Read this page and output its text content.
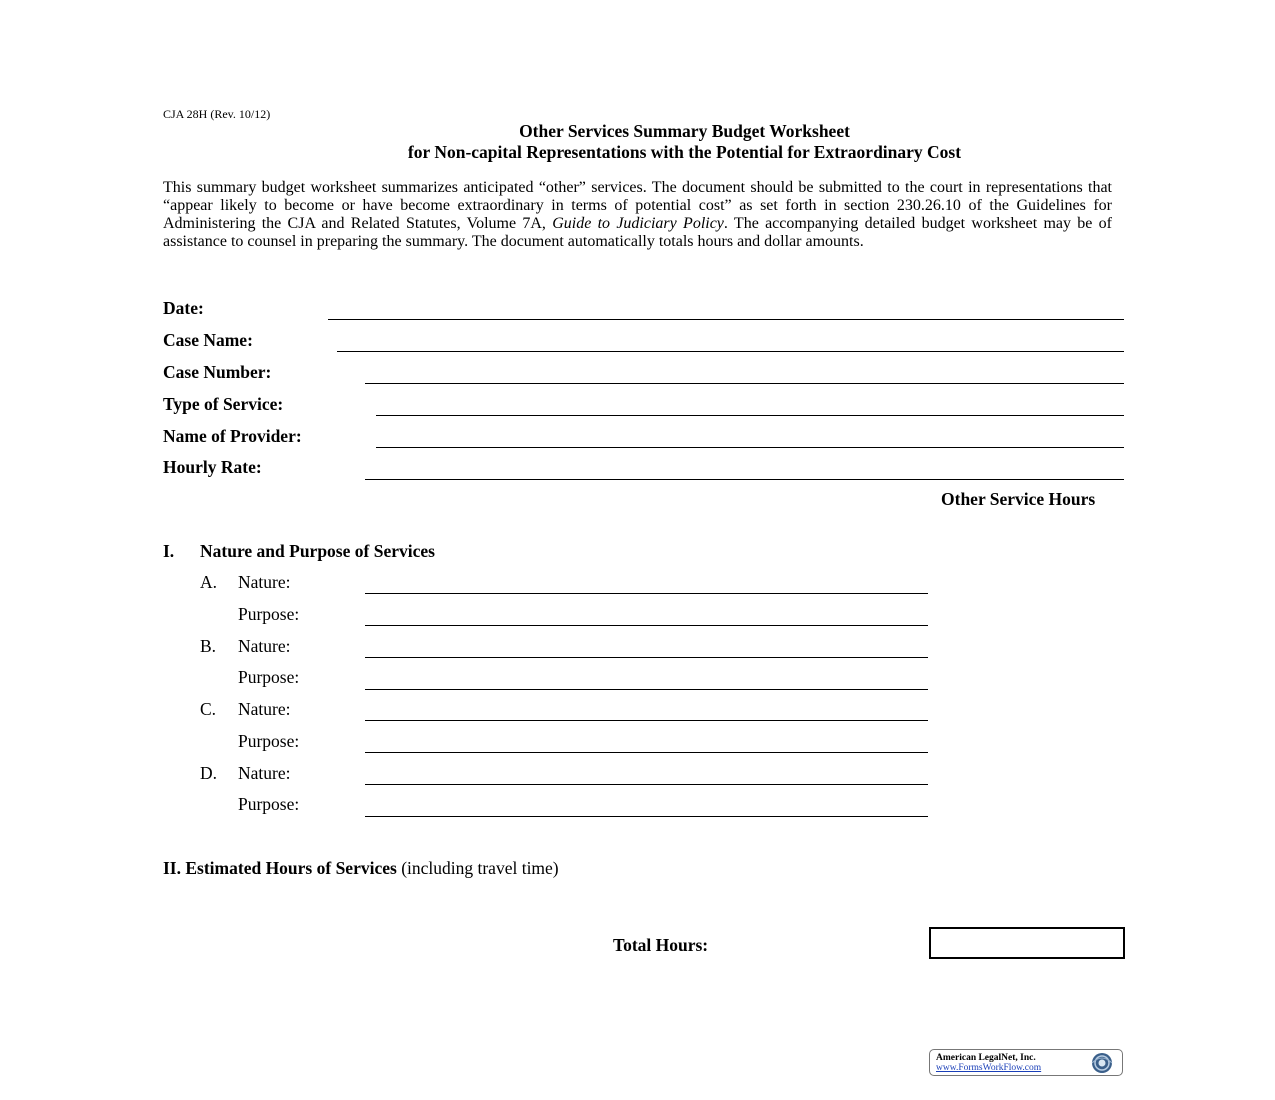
CJA 28H (Rev. 10/12)
Other Services Summary Budget Worksheet
for Non-capital Representations with the Potential for Extraordinary Cost
This summary budget worksheet summarizes anticipated “other” services. The document should be submitted to the court in representations that “appear likely to become or have become extraordinary in terms of potential cost” as set forth in section 230.26.10 of the Guidelines for Administering the CJA and Related Statutes, Volume 7A, Guide to Judiciary Policy. The accompanying detailed budget worksheet may be of assistance to counsel in preparing the summary. The document automatically totals hours and dollar amounts.
Date:
Case Name:
Case Number:
Type of Service:
Name of Provider:
Hourly Rate:
Other Service Hours
I. Nature and Purpose of Services
A. Nature:
Purpose:
B. Nature:
Purpose:
C. Nature:
Purpose:
D. Nature:
Purpose:
II. Estimated Hours of Services (including travel time)
Total Hours:
American LegalNet, Inc.
www.FormsWorkFlow.com
